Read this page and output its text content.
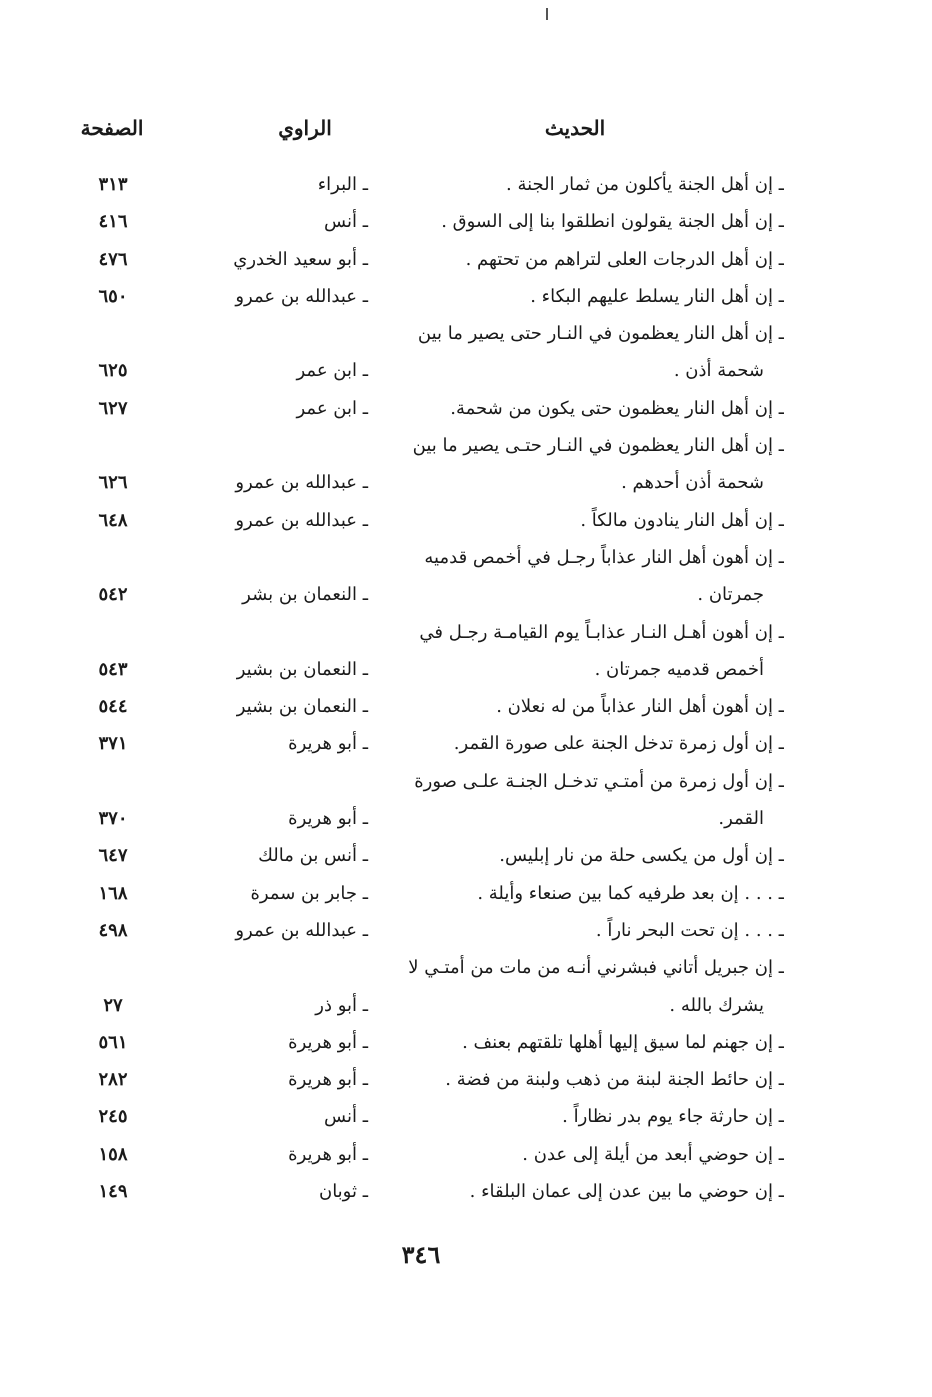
الحديث
الراوي
الصفحة
ـ إن أهل الجنة يأكلون من ثمار الجنة .
ـ البراء
٣١٣
ـ إن أهل الجنة يقولون انطلقوا بنا إلى السوق .
ـ أنس
٤١٦
ـ إن أهل الدرجات العلى لتراهم من تحتهم .
ـ أبو سعيد الخدري
٤٧٦
ـ إن أهل النار يسلط عليهم البكاء .
ـ عبدالله بن عمرو
٦٥٠
ـ إن أهل النار يعظمون في النـار حتى يصير ما بين
شحمة أذن .
ـ ابن عمر
٦٢٥
ـ إن أهل النار يعظمون حتى يكون من شحمة.
ـ ابن عمر
٦٢٧
ـ إن أهل النار يعظمون في النـار حتـى يصير ما بين
شحمة أذن أحدهم .
ـ عبدالله بن عمرو
٦٢٦
ـ إن أهل النار ينادون مالكاً .
ـ عبدالله بن عمرو
٦٤٨
ـ إن أهون أهل النار عذاباً رجـل في أخمص قدميه
جمرتان .
ـ النعمان بن بشر
٥٤٢
ـ إن أهون أهـل النـار عذابـاً يوم القيامـة رجـل في
أخمص قدميه جمرتان .
ـ النعمان بن بشير
٥٤٣
ـ إن أهون أهل النار عذاباً من له نعلان .
ـ النعمان بن بشير
٥٤٤
ـ إن أول زمرة تدخل الجنة على صورة القمر.
ـ أبو هريرة
٣٧١
ـ إن أول زمرة من أمتـي تدخـل الجنـة علـى صورة
القمر.
ـ أبو هريرة
٣٧٠
ـ إن أول من يكسى حلة من نار إبليس.
ـ أنس بن مالك
٦٤٧
ـ . . . إن بعد طرفيه كما بين صنعاء وأيلة .
ـ جابر بن سمرة
١٦٨
ـ . . . إن تحت البحر ناراً .
ـ عبدالله بن عمرو
٤٩٨
ـ إن جبريل أتاني فبشرني أنـه من مات من أمتـي لا
يشرك بالله .
ـ أبو ذر
٢٧
ـ إن جهنم لما سيق إليها أهلها تلقتهم بعنف .
ـ أبو هريرة
٥٦١
ـ إن حائط الجنة لبنة من ذهب ولبنة من فضة .
ـ أبو هريرة
٢٨٢
ـ إن حارثة جاء يوم بدر نظاراً .
ـ أنس
٢٤٥
ـ إن حوضي أبعد من أيلة إلى عدن .
ـ أبو هريرة
١٥٨
ـ إن حوضي ما بين عدن إلى عمان البلقاء .
ـ ثوبان
١٤٩
٣٤٦
